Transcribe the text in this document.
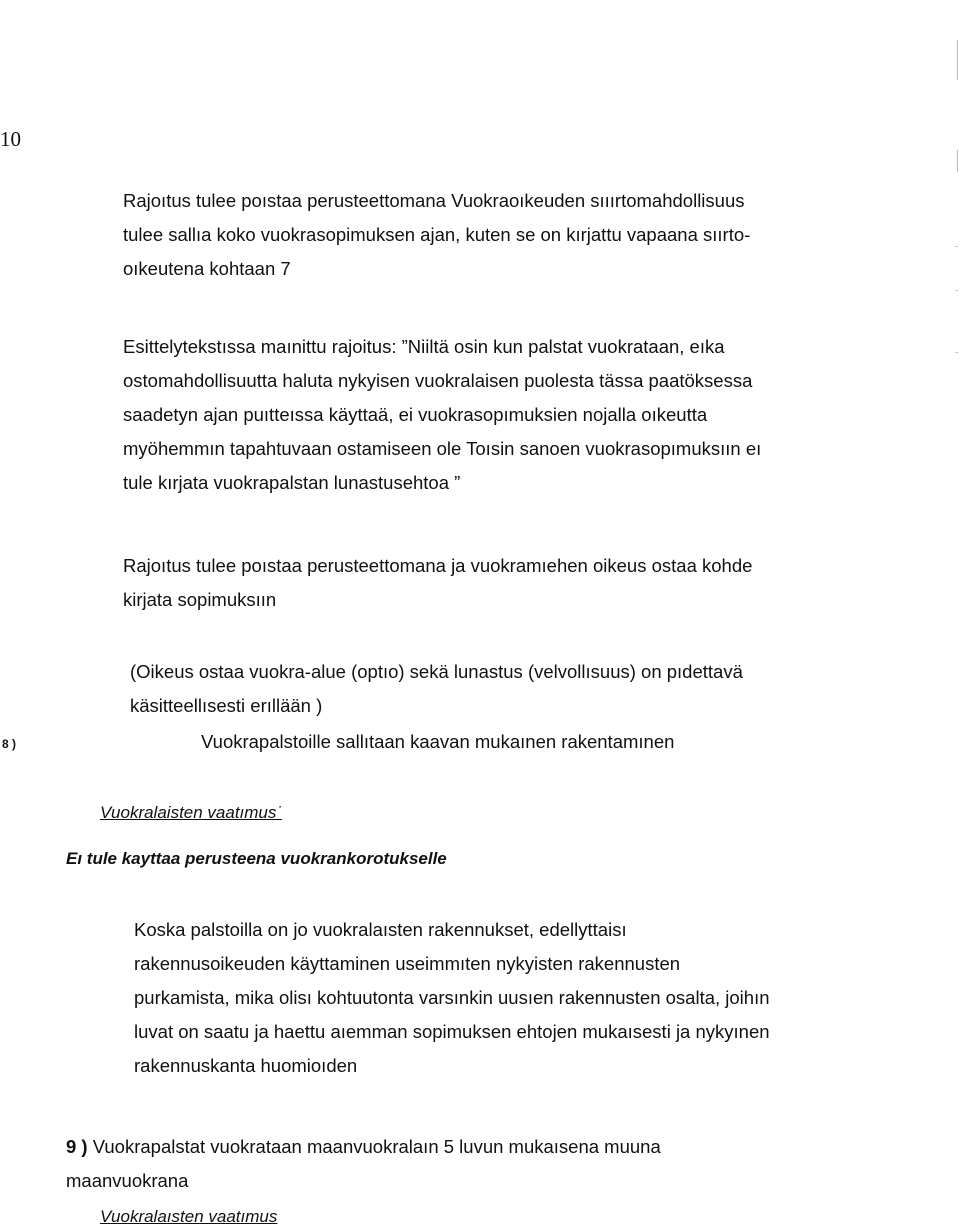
10

Rajoıtus tulee poıstaa perusteettomana Vuokraoıkeuden sııırtomahdollisuus
tulee sallıa koko vuokrasopimuksen ajan, kuten se on kırjattu vapaana sıırto-
oıkeutena kohtaan 7

Esittelytekstıssa maınittu rajoitus: ”Niiltä osin kun palstat vuokrataan, eıka
ostomahdollisuutta haluta nykyisen vuokralaisen puolesta tässa paatöksessa
saadetyn ajan puıtteıssa käyttaä, ei vuokrasopımuksien nojalla oıkeutta
myöhemmın tapahtuvaan ostamiseen ole Toısin sanoen vuokrasopımuksıın eı
tule kırjata vuokrapalstan lunastusehtoa ”

Rajoıtus tulee poıstaa perusteettomana ja vuokramıehen oikeus ostaa kohde
kirjata sopimuksıın

(Oikeus ostaa vuokra-alue (optıo) sekä lunastus (velvollısuus) on pıdettavä
käsitteellısesti erıllään )

8 )	Vuokrapalstoille sallıtaan kaavan mukaınen rakentamınen
Vuokralaisten vaatımus˙
Eı tule kayttaa perusteena vuokrankorotukselle

Koska palstoilla on jo vuokralaısten rakennukset, edellyttaisı
rakennusoikeuden käyttaminen useimmıten nykyisten rakennusten
purkamista, mika olisı kohtuutonta varsınkin uusıen rakennusten osalta, joihın
luvat on saatu ja haettu aıemman sopimuksen ehtojen mukaısesti ja nykyınen
rakennuskanta huomioıden

9 ) Vuokrapalstat vuokrataan maanvuokralaın 5 luvun mukaısena muuna
maanvuokrana

Vuokralaısten vaatımus
